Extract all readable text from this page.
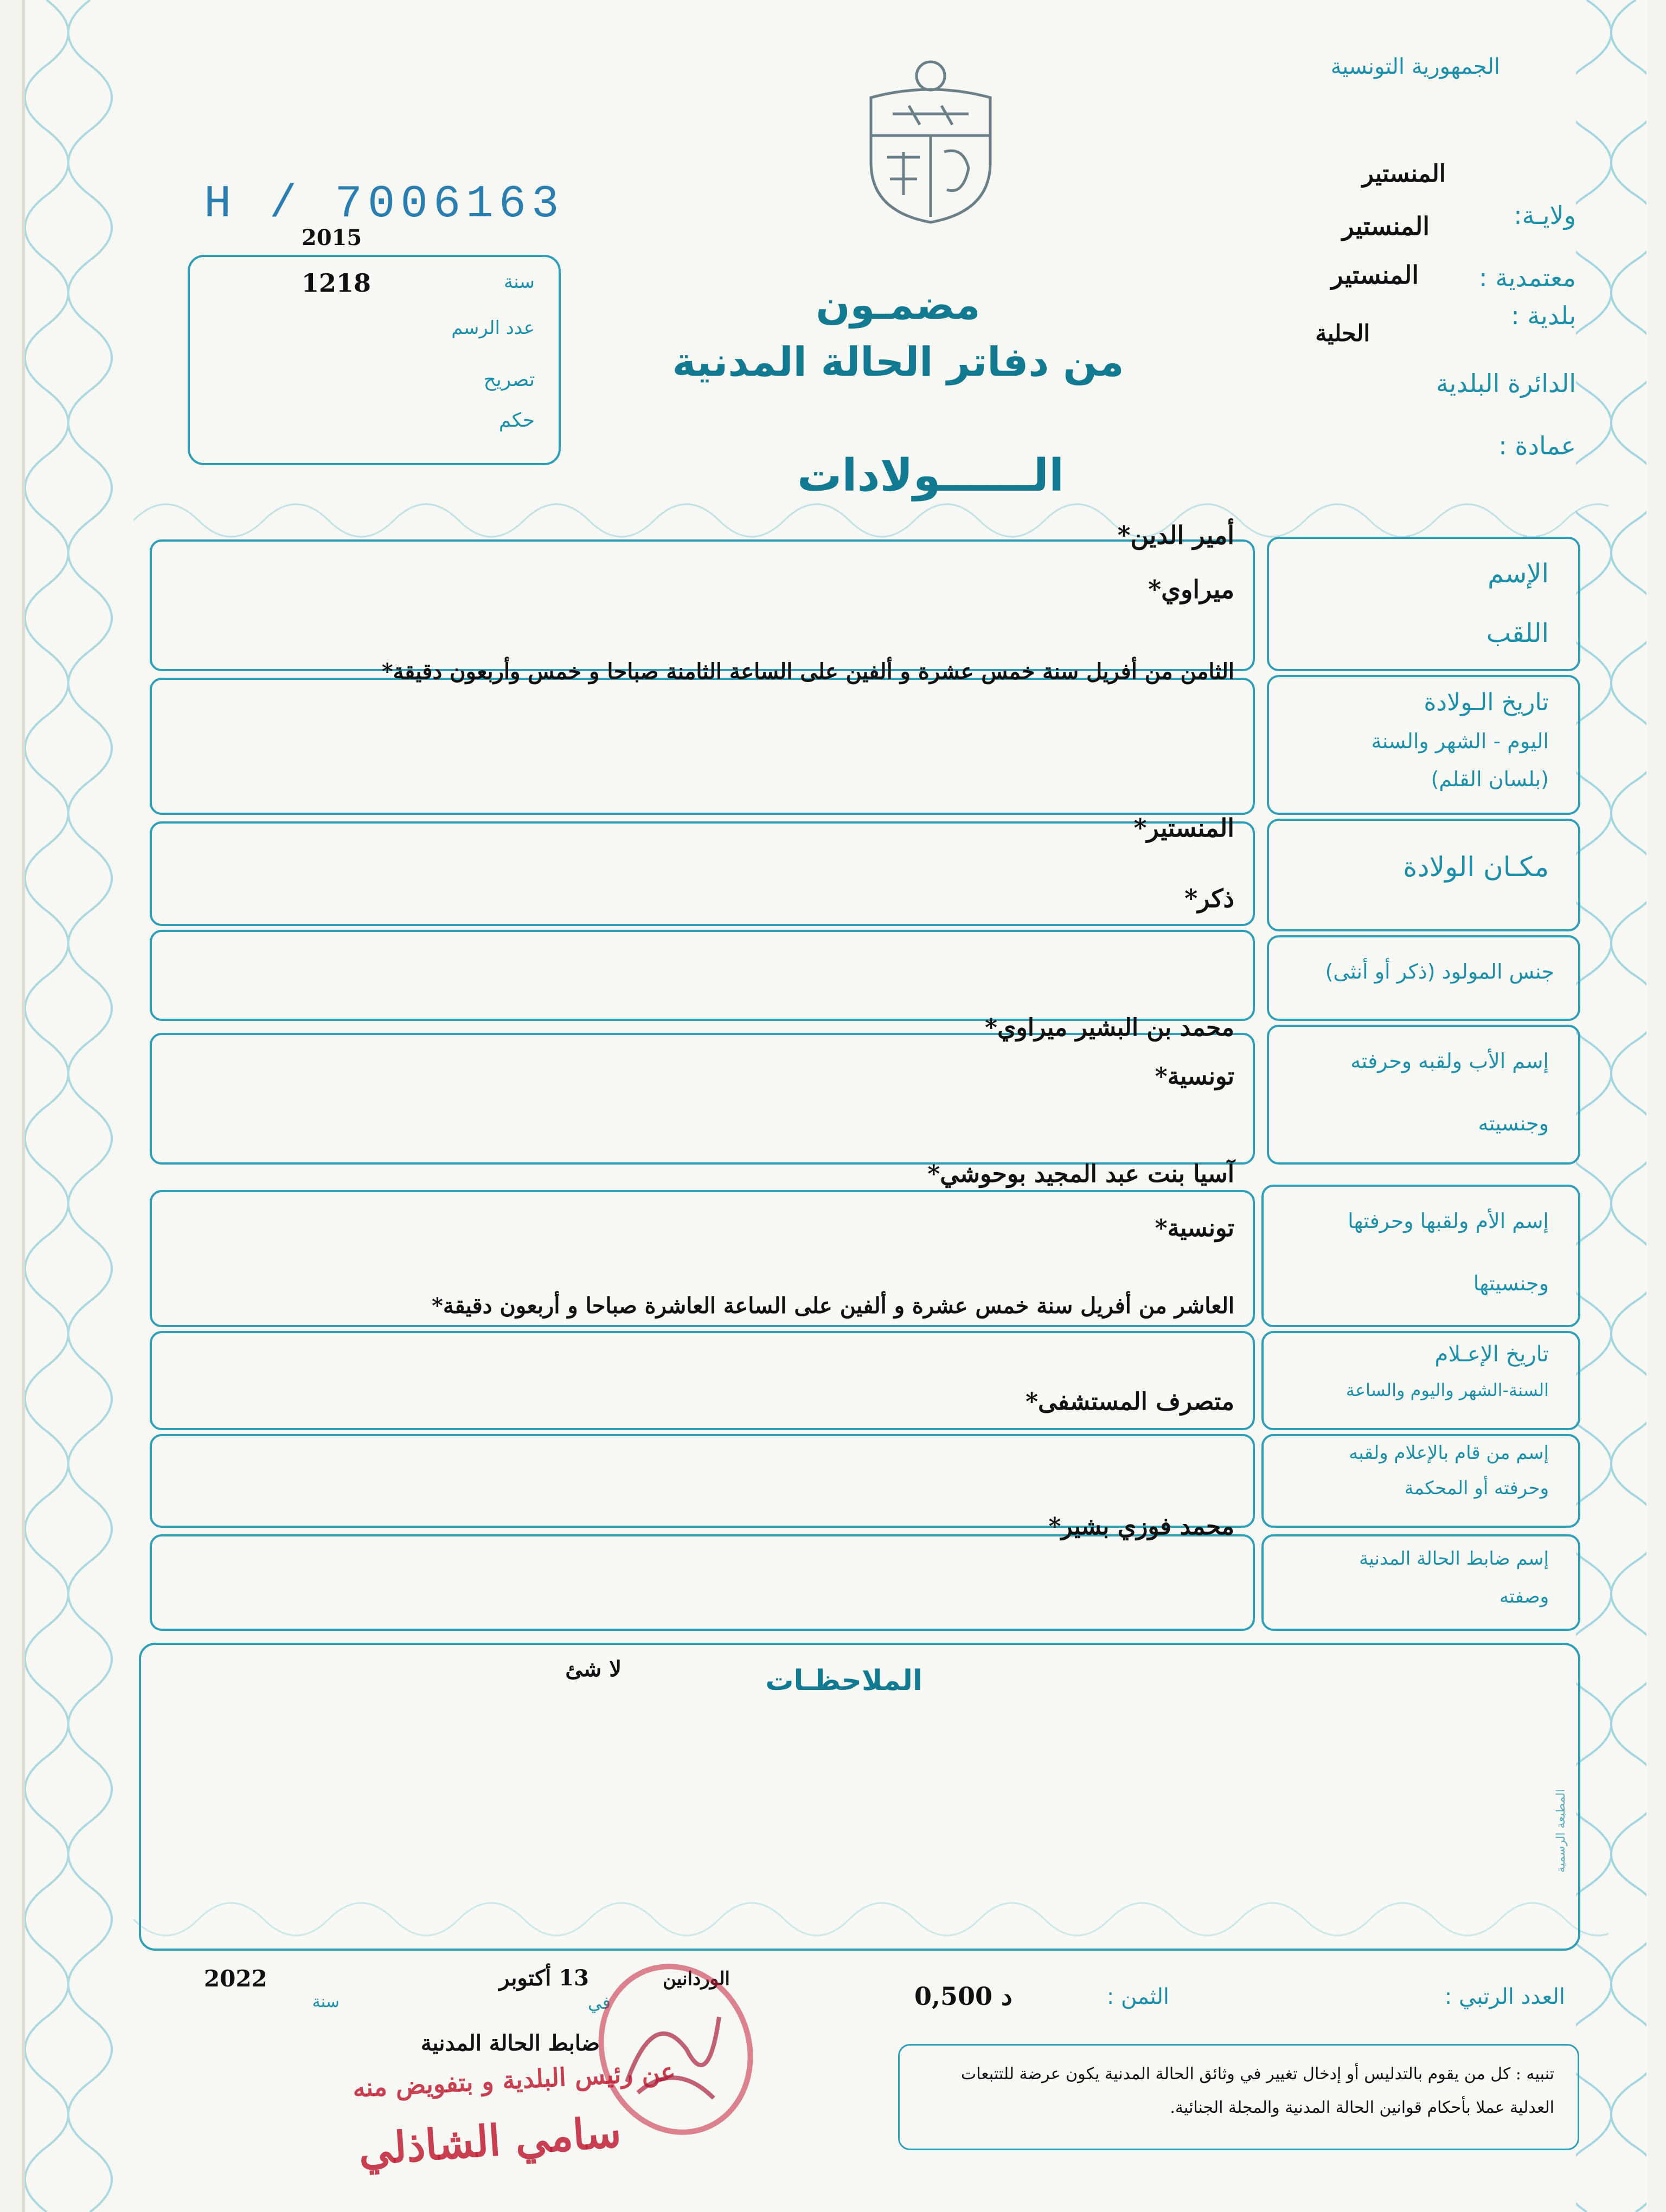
الجمهورية التونسية
المنستير
ولايـة:
المنستير
معتمدية :
المنستير
بلدية :
الحلية
الدائرة البلدية
عمادة :
H / 7006163
2015
سنة
1218
عدد الرسم
تصريح
حكم
مضمـون
من دفاتر الحالة المدنية
الــــــولادات
الإسم
اللقب
أمير الدين*
ميراوي*
تاريخ الـولادة
اليوم - الشهر والسنة
(بلسان القلم)
الثامن من أفريل سنة خمس عشرة و ألفين على الساعة الثامنة صباحا و خمس وأربعون دقيقة*
مكـان الولادة
المنستير*
جنس المولود (ذكر أو أنثى)
ذكر*
إسم الأب ولقبه وحرفته
وجنسيته
محمد بن البشير ميراوي*
تونسية*
إسم الأم ولقبها وحرفتها
وجنسيتها
آسيا بنت عبد المجيد بوحوشي*
تونسية*
تاريخ الإعـلام
السنة-الشهر واليوم والساعة
العاشر من أفريل سنة خمس عشرة و ألفين على الساعة العاشرة صباحا و أربعون دقيقة*
إسم من قام بالإعلام ولقبه
وحرفته أو المحكمة
متصرف المستشفى*
إسم ضابط الحالة المدنية
وصفته
محمد فوزي بشير*
الملاحظـات
لا شئ
المطبعة الرسمية
العدد الرتبي :
الثمن :
0,500 د
الوردانين
في
13 أكتوبر
سنة
2022
ضابط الحالة المدنية
عن رئيس البلدية و بتفويض منه
سامي الشاذلي
تنبيه : كل من يقوم بالتدليس أو إدخال تغيير في وثائق الحالة المدنية يكون عرضة للتتبعات العدلية عملا بأحكام قوانين الحالة المدنية والمجلة الجنائية.
